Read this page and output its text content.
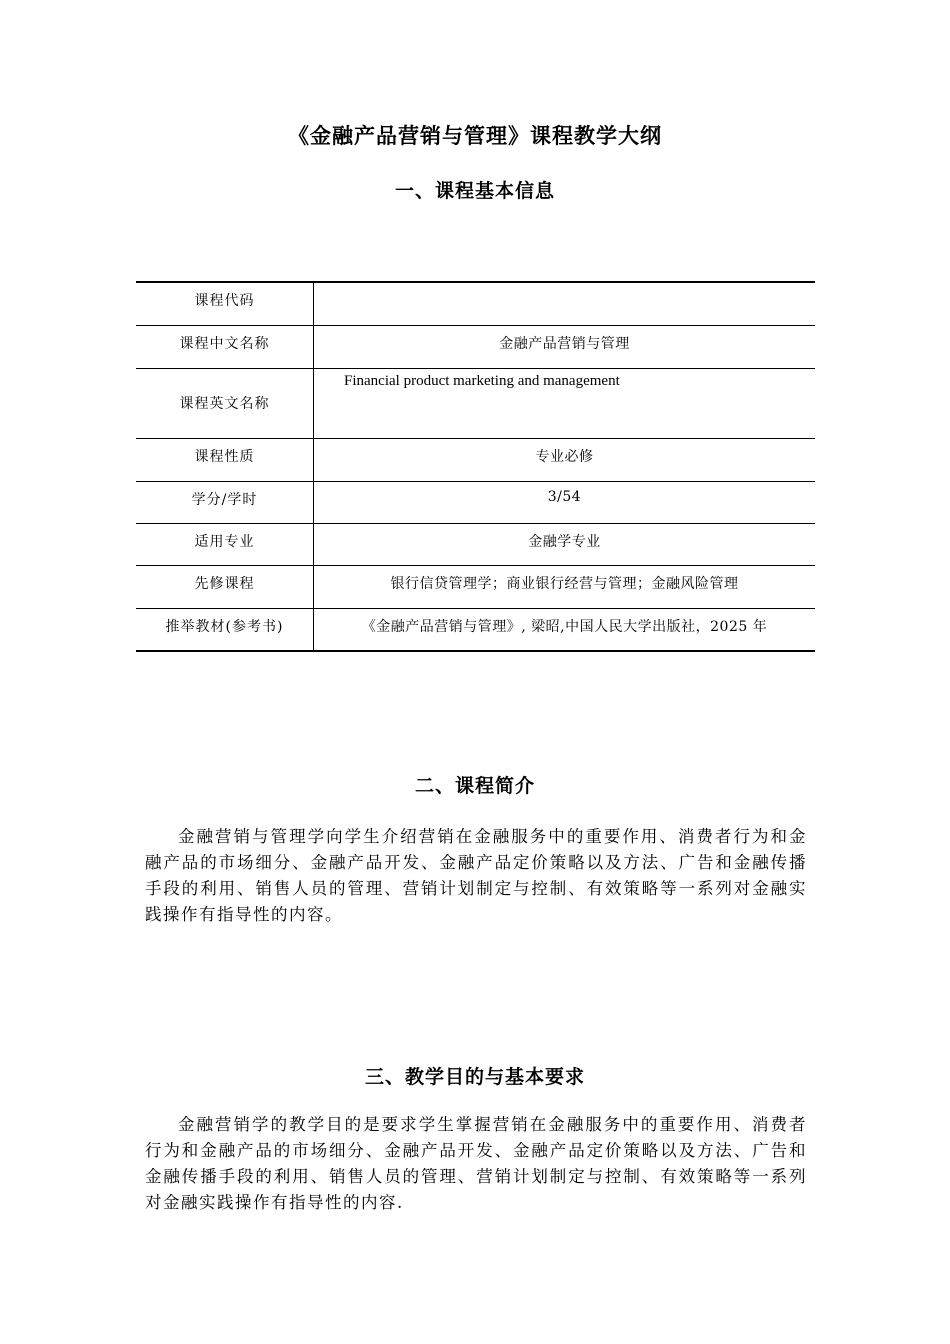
《金融产品营销与管理》课程教学大纲
一、课程基本信息
课程代码	
课程中文名称	金融产品营销与管理
课程英文名称	Financial product marketing and management
课程性质	专业必修
学分/学时	3/54
适用专业	金融学专业
先修课程	银行信贷管理学；商业银行经营与管理；金融风险管理
推举教材(参考书)	《金融产品营销与管理》, 梁昭,中国人民大学出版社，2025 年
二、课程简介

金融营销与管理学向学生介绍营销在金融服务中的重要作用、消费者行为和金融产品的市场细分、金融产品开发、金融产品定价策略以及方法、广告和金融传播手段的利用、销售人员的管理、营销计划制定与控制、有效策略等一系列对金融实践操作有指导性的内容。

三、教学目的与基本要求

金融营销学的教学目的是要求学生掌握营销在金融服务中的重要作用、消费者行为和金融产品的市场细分、金融产品开发、金融产品定价策略以及方法、广告和金融传播手段的利用、销售人员的管理、营销计划制定与控制、有效策略等一系列对金融实践操作有指导性的内容.
